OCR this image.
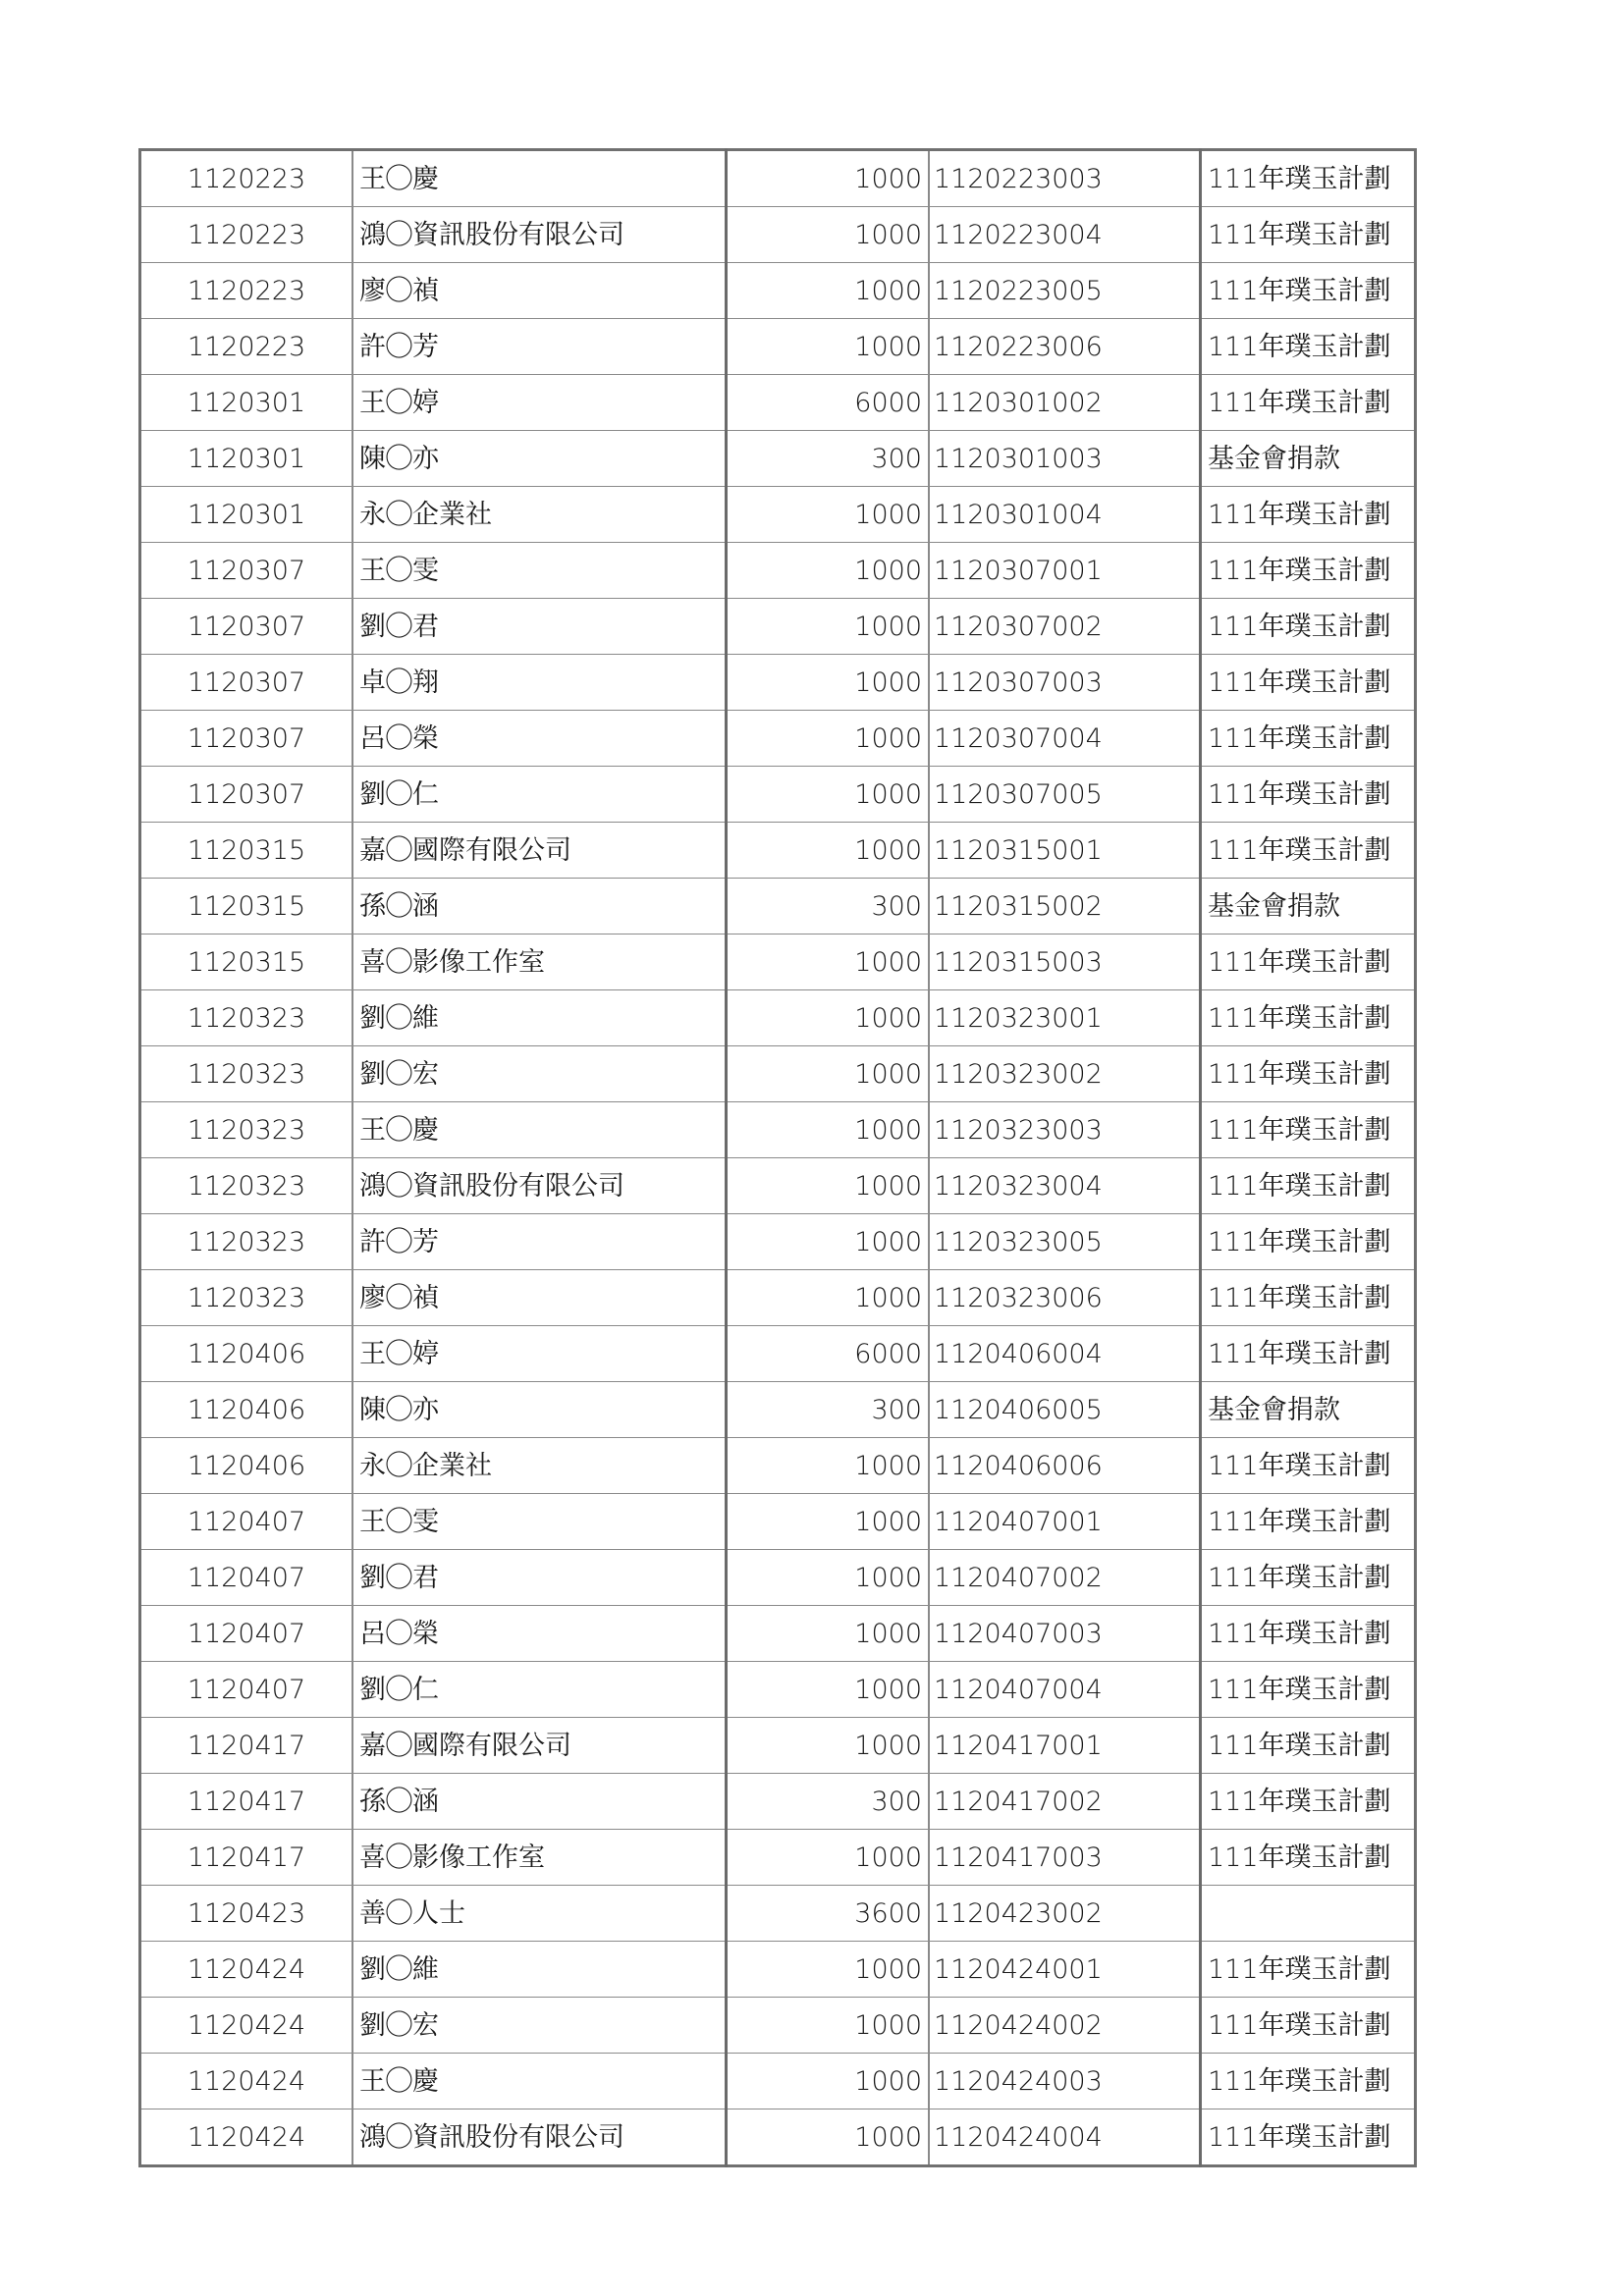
1120223	王◯慶	1000	1120223003	111年璞玉計劃
1120223	鴻◯資訊股份有限公司	1000	1120223004	111年璞玉計劃
1120223	廖◯禎	1000	1120223005	111年璞玉計劃
1120223	許◯芳	1000	1120223006	111年璞玉計劃
1120301	王◯婷	6000	1120301002	111年璞玉計劃
1120301	陳◯亦	300	1120301003	基金會捐款
1120301	永◯企業社	1000	1120301004	111年璞玉計劃
1120307	王◯雯	1000	1120307001	111年璞玉計劃
1120307	劉◯君	1000	1120307002	111年璞玉計劃
1120307	卓◯翔	1000	1120307003	111年璞玉計劃
1120307	呂◯榮	1000	1120307004	111年璞玉計劃
1120307	劉◯仁	1000	1120307005	111年璞玉計劃
1120315	嘉◯國際有限公司	1000	1120315001	111年璞玉計劃
1120315	孫◯涵	300	1120315002	基金會捐款
1120315	喜◯影像工作室	1000	1120315003	111年璞玉計劃
1120323	劉◯維	1000	1120323001	111年璞玉計劃
1120323	劉◯宏	1000	1120323002	111年璞玉計劃
1120323	王◯慶	1000	1120323003	111年璞玉計劃
1120323	鴻◯資訊股份有限公司	1000	1120323004	111年璞玉計劃
1120323	許◯芳	1000	1120323005	111年璞玉計劃
1120323	廖◯禎	1000	1120323006	111年璞玉計劃
1120406	王◯婷	6000	1120406004	111年璞玉計劃
1120406	陳◯亦	300	1120406005	基金會捐款
1120406	永◯企業社	1000	1120406006	111年璞玉計劃
1120407	王◯雯	1000	1120407001	111年璞玉計劃
1120407	劉◯君	1000	1120407002	111年璞玉計劃
1120407	呂◯榮	1000	1120407003	111年璞玉計劃
1120407	劉◯仁	1000	1120407004	111年璞玉計劃
1120417	嘉◯國際有限公司	1000	1120417001	111年璞玉計劃
1120417	孫◯涵	300	1120417002	111年璞玉計劃
1120417	喜◯影像工作室	1000	1120417003	111年璞玉計劃
1120423	善◯人士	3600	1120423002	
1120424	劉◯維	1000	1120424001	111年璞玉計劃
1120424	劉◯宏	1000	1120424002	111年璞玉計劃
1120424	王◯慶	1000	1120424003	111年璞玉計劃
1120424	鴻◯資訊股份有限公司	1000	1120424004	111年璞玉計劃
